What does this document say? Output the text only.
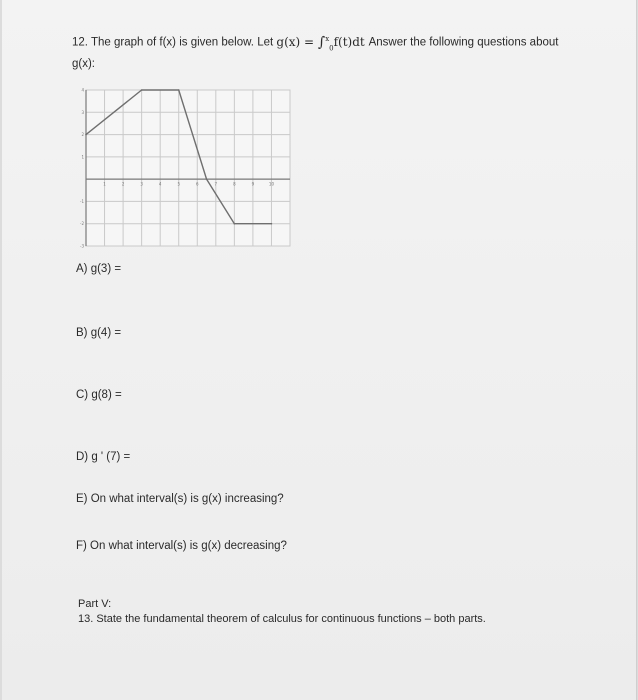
12. The graph of f(x) is given below. Let g(x) = ∫$^x_0$f(t)dt Answer the following questions about
g(x):
1	2	3	4	5	6	7	8	9	10
4
3
2
1
-1
-2
-3
A) g(3) =
B) g(4) =
C) g(8) =
D) g ' (7) =
E) On what interval(s) is g(x) increasing?
F) On what interval(s) is g(x) decreasing?
Part V:
13. State the fundamental theorem of calculus for continuous functions – both parts.
